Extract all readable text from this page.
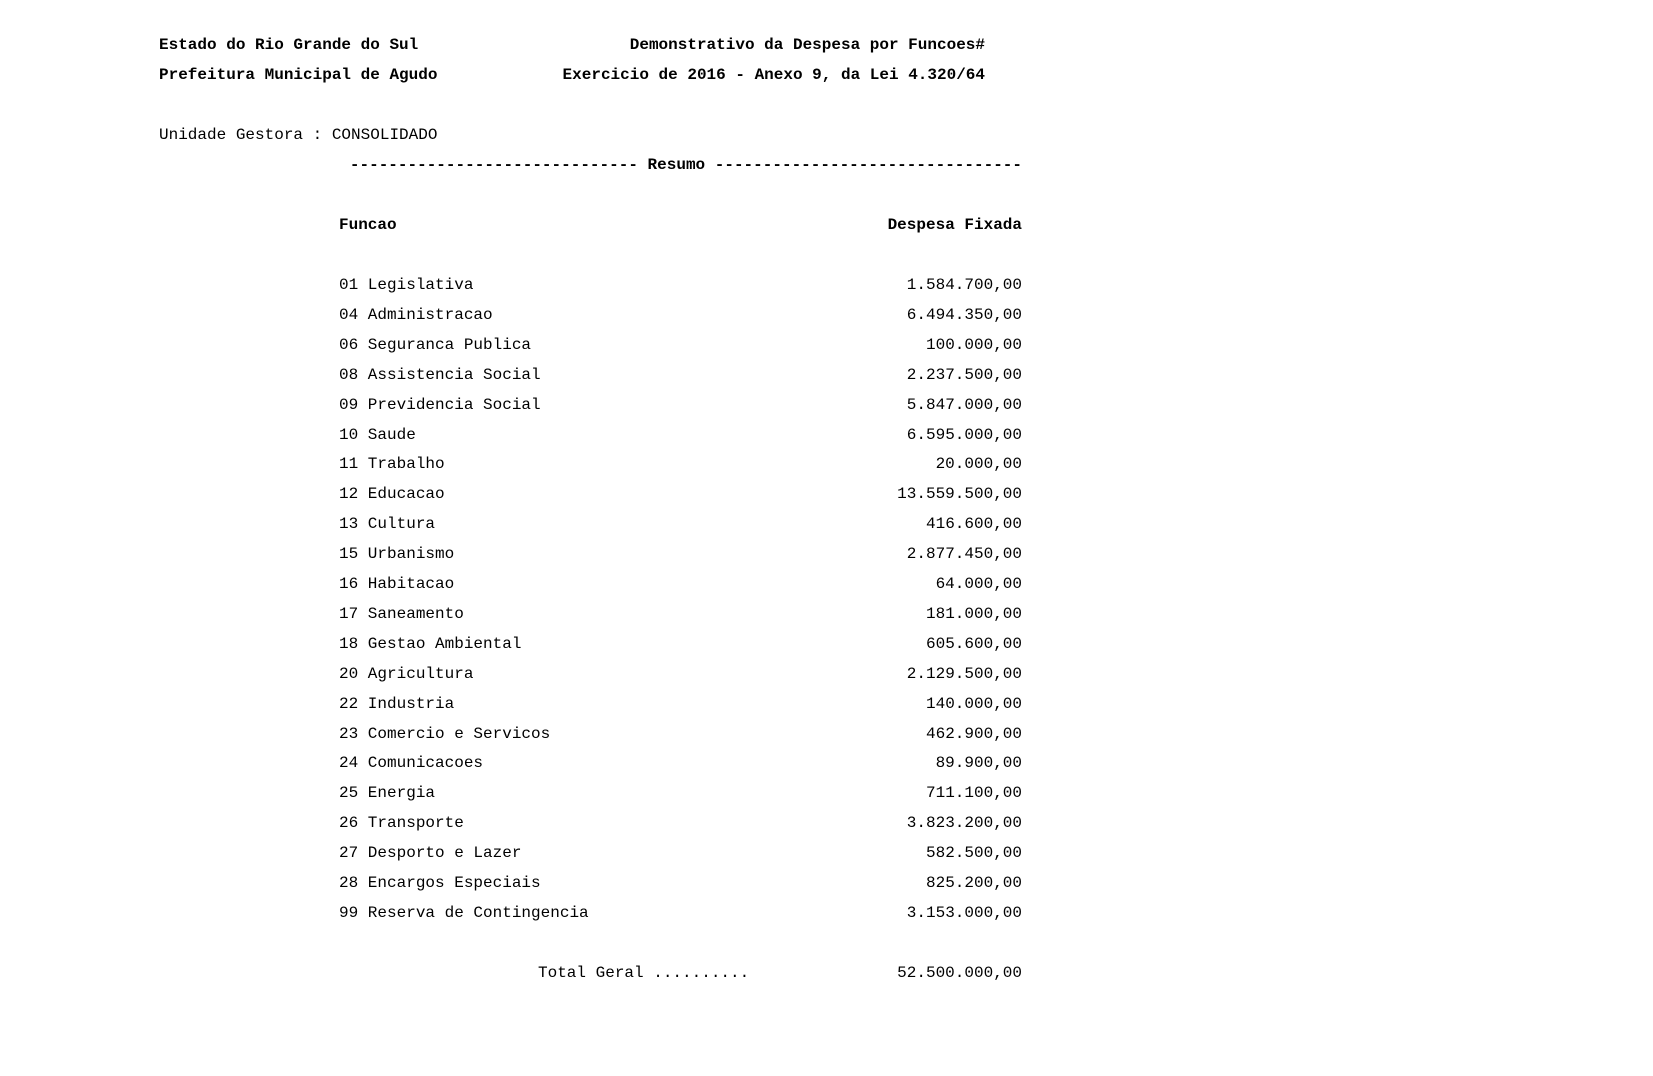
Estado do Rio Grande do Sul
Prefeitura Municipal de Agudo
Demonstrativo da Despesa por Funcoes#
Exercicio de 2016 - Anexo 9, da Lei 4.320/64
Unidade Gestora : CONSOLIDADO
------------------------------ Resumo --------------------------------
Funcao	Despesa Fixada
01 Legislativa	1.584.700,00
04 Administracao	6.494.350,00
06 Seguranca Publica	100.000,00
08 Assistencia Social	2.237.500,00
09 Previdencia Social	5.847.000,00
10 Saude	6.595.000,00
11 Trabalho	20.000,00
12 Educacao	13.559.500,00
13 Cultura	416.600,00
15 Urbanismo	2.877.450,00
16 Habitacao	64.000,00
17 Saneamento	181.000,00
18 Gestao Ambiental	605.600,00
20 Agricultura	2.129.500,00
22 Industria	140.000,00
23 Comercio e Servicos	462.900,00
24 Comunicacoes	89.900,00
25 Energia	711.100,00
26 Transporte	3.823.200,00
27 Desporto e Lazer	582.500,00
28 Encargos Especiais	825.200,00
99 Reserva de Contingencia	3.153.000,00
Total Geral ..........	52.500.000,00
